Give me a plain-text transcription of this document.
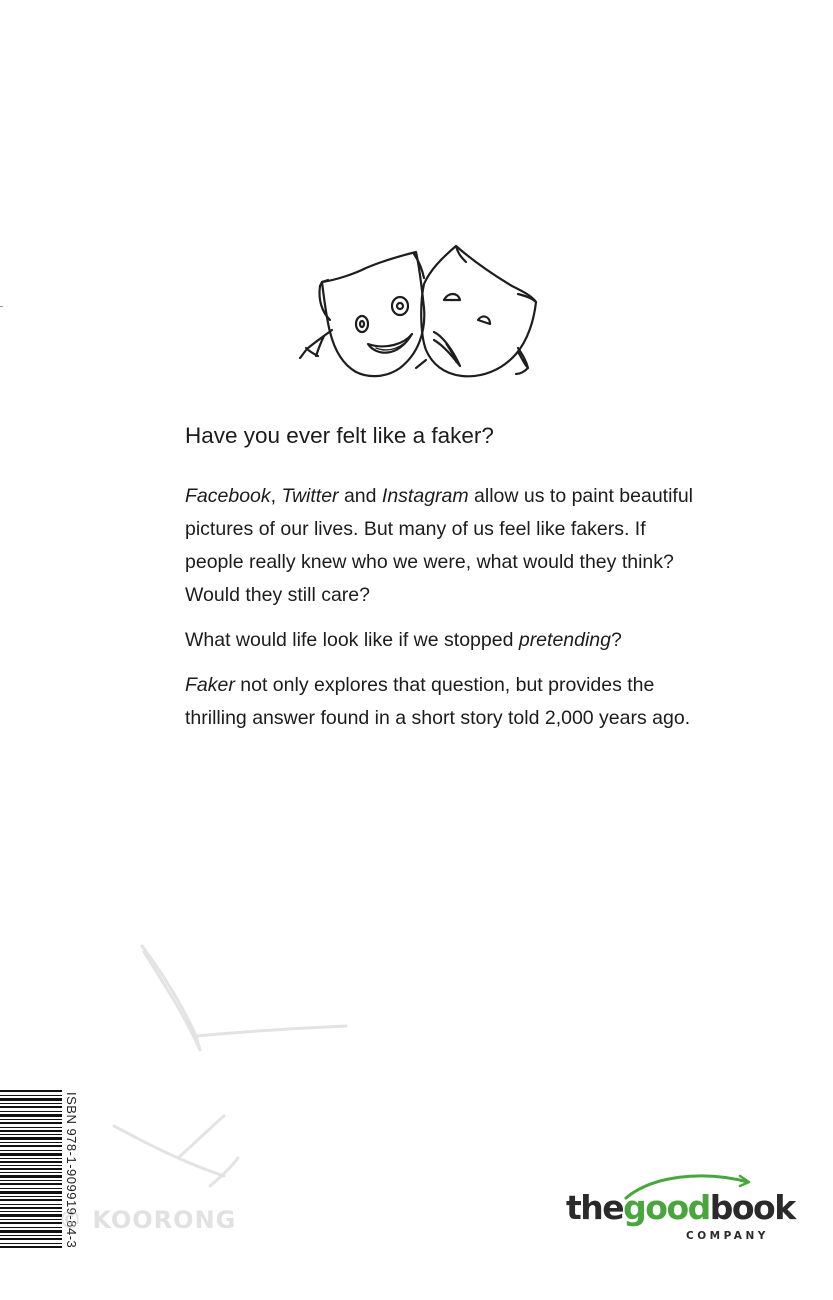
Have you ever felt like a faker?

Facebook, Twitter and Instagram allow us to paint beautiful pictures of our lives. But many of us feel like fakers. If people really knew who we were, what would they think? Would they still care?

What would life look like if we stopped pretending?

Faker not only explores that question, but provides the thrilling answer found in a short story told 2,000 years ago.

ISBN 978-1-909919-84-3
© KOORONG	thegoodbook
COMPANY
